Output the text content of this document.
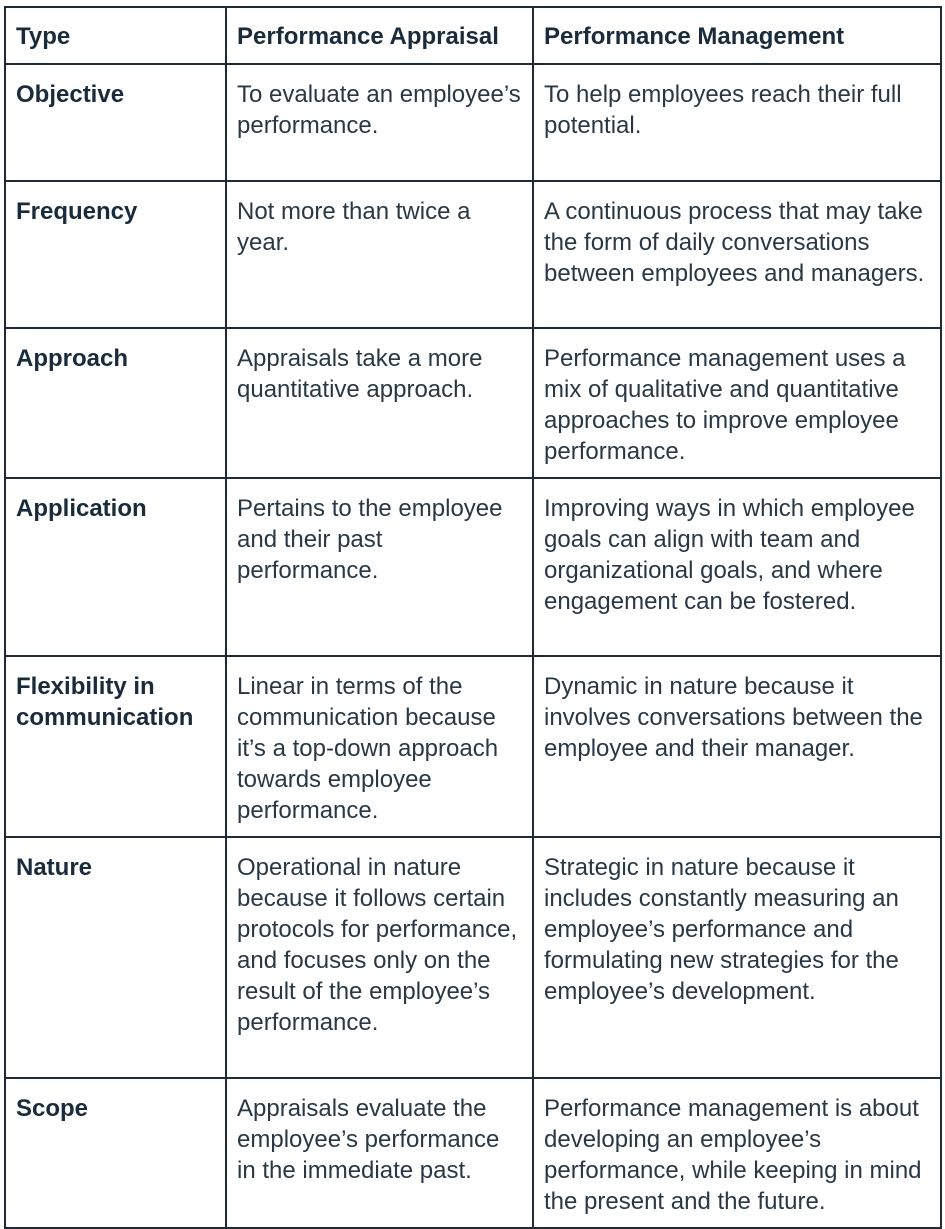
Type	Performance Appraisal	Performance Management
Objective	To evaluate an employee’s performance.	To help employees reach their full potential.
Frequency	Not more than twice a year.	A continuous process that may take the form of daily conversations between employees and managers.
Approach	Appraisals take a more quantitative approach.	Performance management uses a mix of qualitative and quantitative approaches to improve employee performance.
Application	Pertains to the employee and their past performance.	Improving ways in which employee goals can align with team and organizational goals, and where engagement can be fostered.
Flexibility in communication	Linear in terms of the communication because it’s a top-down approach towards employee performance.	Dynamic in nature because it involves conversations between the employee and their manager.
Nature	Operational in nature because it follows certain protocols for performance, and focuses only on the result of the employee’s performance.	Strategic in nature because it includes constantly measuring an employee’s performance and formulating new strategies for the employee’s development.
Scope	Appraisals evaluate the employee’s performance in the immediate past.	Performance management is about developing an employee’s performance, while keeping in mind the present and the future.
